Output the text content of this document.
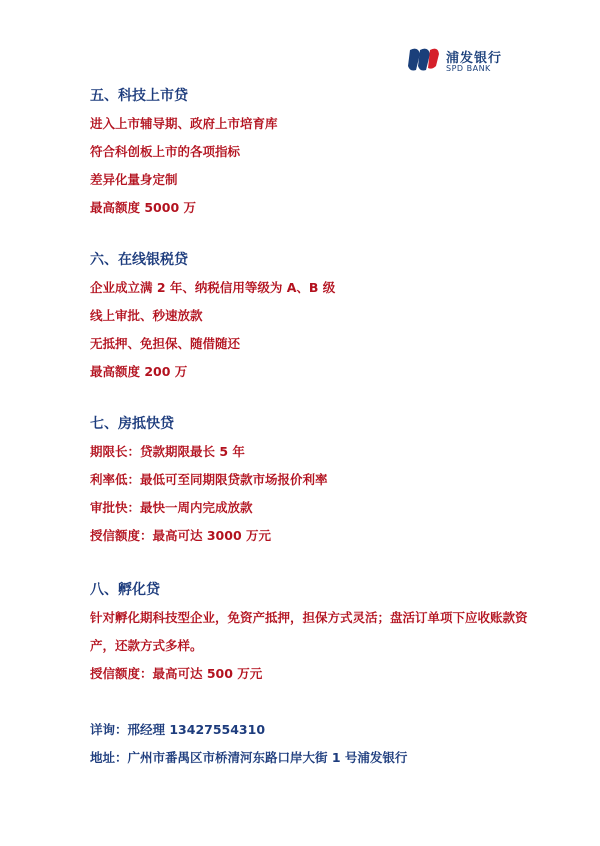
浦发银行
SPD BANK
五、科技上市贷
进入上市辅导期、政府上市培育库
符合科创板上市的各项指标
差异化量身定制
最高额度 5000 万
六、在线银税贷
企业成立满 2 年、纳税信用等级为 A、B 级
线上审批、秒速放款
无抵押、免担保、随借随还
最高额度 200 万
七、房抵快贷
期限长：贷款期限最长 5 年
利率低：最低可至同期限贷款市场报价利率
审批快：最快一周内完成放款
授信额度：最高可达 3000 万元
八、孵化贷
针对孵化期科技型企业，免资产抵押，担保方式灵活；盘活订单项下应收账款资产，还款方式多样。
授信额度：最高可达 500 万元
详询：邢经理 13427554310
地址：广州市番禺区市桥清河东路口岸大街 1 号浦发银行
